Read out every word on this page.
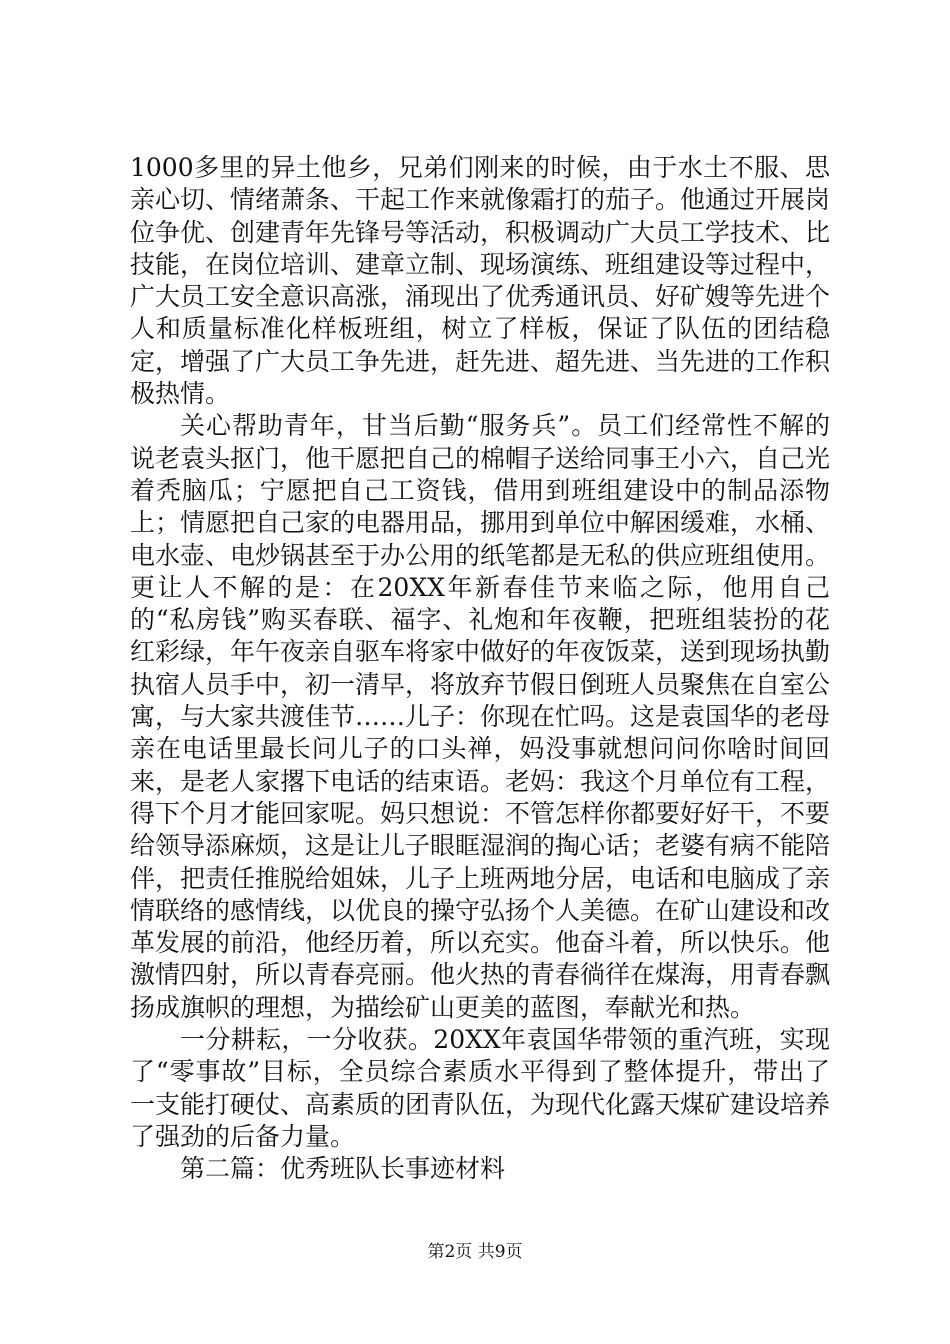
1000多里的异土他乡，兄弟们刚来的时候，由于水土不服、思亲心切、情绪萧条、干起工作来就像霜打的茄子。他通过开展岗位争优、创建青年先锋号等活动，积极调动广大员工学技术、比技能，在岗位培训、建章立制、现场演练、班组建设等过程中，广大员工安全意识高涨，涌现出了优秀通讯员、好矿嫂等先进个人和质量标准化样板班组，树立了样板，保证了队伍的团结稳定，增强了广大员工争先进，赶先进、超先进、当先进的工作积极热情。

关心帮助青年，甘当后勤“服务兵”。员工们经常性不解的说老袁头抠门，他干愿把自己的棉帽子送给同事王小六，自己光着秃脑瓜；宁愿把自己工资钱，借用到班组建设中的制品添物上；情愿把自己家的电器用品，挪用到单位中解困缓难，水桶、电水壶、电炒锅甚至于办公用的纸笔都是无私的供应班组使用。更让人不解的是：在20XX年新春佳节来临之际，他用自己的“私房钱”购买春联、福字、礼炮和年夜鞭，把班组装扮的花红彩绿，年午夜亲自驱车将家中做好的年夜饭菜，送到现场执勤执宿人员手中，初一清早，将放弃节假日倒班人员聚焦在自室公寓，与大家共渡佳节……儿子：你现在忙吗。这是袁国华的老母亲在电话里最长问儿子的口头禅，妈没事就想问问你啥时间回来，是老人家撂下电话的结束语。老妈：我这个月单位有工程，得下个月才能回家呢。妈只想说：不管怎样你都要好好干，不要给领导添麻烦，这是让儿子眼眶湿润的掏心话；老婆有病不能陪伴，把责任推脱给姐妹，儿子上班两地分居，电话和电脑成了亲情联络的感情线，以优良的操守弘扬个人美德。在矿山建设和改革发展的前沿，他经历着，所以充实。他奋斗着，所以快乐。他激情四射，所以青春亮丽。他火热的青春徜徉在煤海，用青春飘扬成旗帜的理想，为描绘矿山更美的蓝图，奉献光和热。

一分耕耘，一分收获。20XX年袁国华带领的重汽班，实现了“零事故”目标，全员综合素质水平得到了整体提升，带出了一支能打硬仗、高素质的团青队伍，为现代化露天煤矿建设培养了强劲的后备力量。

第二篇：优秀班队长事迹材料

第2页 共9页
